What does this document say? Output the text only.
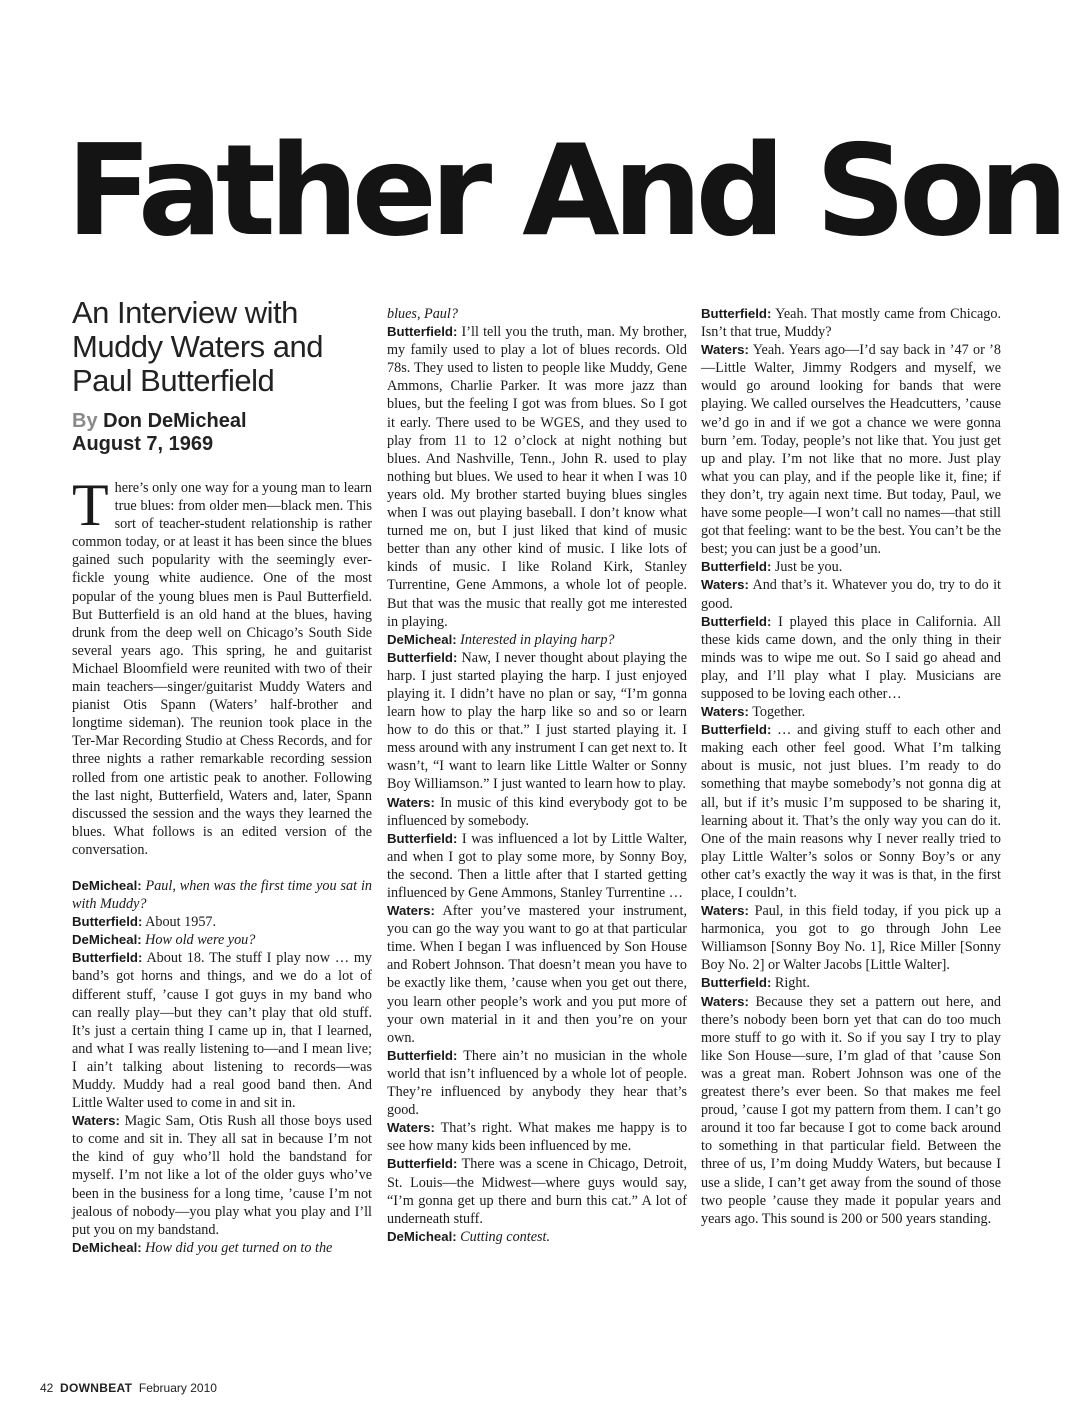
Father And Son
An Interview with Muddy Waters and Paul Butterfield
By Don DeMicheal
August 7, 1969

There’s only one way for a young man to learn true blues: from older men—black men. This sort of teacher-student relationship is rather common today, or at least it has been since the blues gained such popularity with the seemingly ever-fickle young white audience. One of the most popular of the young blues men is Paul Butterfield. But Butterfield is an old hand at the blues, having drunk from the deep well on Chicago’s South Side several years ago. This spring, he and guitarist Michael Bloomfield were reunited with two of their main teachers—singer/guitarist Muddy Waters and pianist Otis Spann (Waters’ half-brother and longtime sideman). The reunion took place in the Ter-Mar Recording Studio at Chess Records, and for three nights a rather remarkable recording session rolled from one artistic peak to another. Following the last night, Butterfield, Waters and, later, Spann discussed the session and the ways they learned the blues. What follows is an edited version of the conversation.

DeMicheal: Paul, when was the first time you sat in with Muddy?

Butterfield: About 1957.

DeMicheal: How old were you?

Butterfield: About 18. The stuff I play now … my band’s got horns and things, and we do a lot of different stuff, ’cause I got guys in my band who can really play—but they can’t play that old stuff. It’s just a certain thing I came up in, that I learned, and what I was really listening to—and I mean live; I ain’t talking about listening to records—was Muddy. Muddy had a real good band then. And Little Walter used to come in and sit in.

Waters: Magic Sam, Otis Rush all those boys used to come and sit in. They all sat in because I’m not the kind of guy who’ll hold the bandstand for myself. I’m not like a lot of the older guys who’ve been in the business for a long time, ’cause I’m not jealous of nobody—you play what you play and I’ll put you on my bandstand.

DeMicheal: How did you get turned on to the

blues, Paul?

Butterfield: I’ll tell you the truth, man. My brother, my family used to play a lot of blues records. Old 78s. They used to listen to people like Muddy, Gene Ammons, Charlie Parker. It was more jazz than blues, but the feeling I got was from blues. So I got it early. There used to be WGES, and they used to play from 11 to 12 o’clock at night nothing but blues. And Nashville, Tenn., John R. used to play nothing but blues. We used to hear it when I was 10 years old. My brother started buying blues singles when I was out playing baseball. I don’t know what turned me on, but I just liked that kind of music better than any other kind of music. I like lots of kinds of music. I like Roland Kirk, Stanley Turrentine, Gene Ammons, a whole lot of people. But that was the music that really got me interested in playing.

DeMicheal: Interested in playing harp?

Butterfield: Naw, I never thought about playing the harp. I just started playing the harp. I just enjoyed playing it. I didn’t have no plan or say, “I’m gonna learn how to play the harp like so and so or learn how to do this or that.” I just started playing it. I mess around with any instrument I can get next to. It wasn’t, “I want to learn like Little Walter or Sonny Boy Williamson.” I just wanted to learn how to play.

Waters: In music of this kind everybody got to be influenced by somebody.

Butterfield: I was influenced a lot by Little Walter, and when I got to play some more, by Sonny Boy, the second. Then a little after that I started getting influenced by Gene Ammons, Stanley Turrentine …

Waters: After you’ve mastered your instrument, you can go the way you want to go at that particular time. When I began I was influenced by Son House and Robert Johnson. That doesn’t mean you have to be exactly like them, ’cause when you get out there, you learn other people’s work and you put more of your own material in it and then you’re on your own.

Butterfield: There ain’t no musician in the whole world that isn’t influenced by a whole lot of people. They’re influenced by anybody they hear that’s good.

Waters: That’s right. What makes me happy is to see how many kids been influenced by me.

Butterfield: There was a scene in Chicago, Detroit, St. Louis—the Midwest—where guys would say, “I’m gonna get up there and burn this cat.” A lot of underneath stuff.

DeMicheal: Cutting contest.

Butterfield: Yeah. That mostly came from Chicago. Isn’t that true, Muddy?

Waters: Yeah. Years ago—I’d say back in ’47 or ’8—Little Walter, Jimmy Rodgers and myself, we would go around looking for bands that were playing. We called ourselves the Headcutters, ’cause we’d go in and if we got a chance we were gonna burn ’em. Today, people’s not like that. You just get up and play. I’m not like that no more. Just play what you can play, and if the people like it, fine; if they don’t, try again next time. But today, Paul, we have some people—I won’t call no names—that still got that feeling: want to be the best. You can’t be the best; you can just be a good’un.

Butterfield: Just be you.

Waters: And that’s it. Whatever you do, try to do it good.

Butterfield: I played this place in California. All these kids came down, and the only thing in their minds was to wipe me out. So I said go ahead and play, and I’ll play what I play. Musicians are supposed to be loving each other…

Waters: Together.

Butterfield: … and giving stuff to each other and making each other feel good. What I’m talking about is music, not just blues. I’m ready to do something that maybe somebody’s not gonna dig at all, but if it’s music I’m supposed to be sharing it, learning about it. That’s the only way you can do it. One of the main reasons why I never really tried to play Little Walter’s solos or Sonny Boy’s or any other cat’s exactly the way it was is that, in the first place, I couldn’t.

Waters: Paul, in this field today, if you pick up a harmonica, you got to go through John Lee Williamson [Sonny Boy No. 1], Rice Miller [Sonny Boy No. 2] or Walter Jacobs [Little Walter].

Butterfield: Right.

Waters: Because they set a pattern out here, and there’s nobody been born yet that can do too much more stuff to go with it. So if you say I try to play like Son House—sure, I’m glad of that ’cause Son was a great man. Robert Johnson was one of the greatest there’s ever been. So that makes me feel proud, ’cause I got my pattern from them. I can’t go around it too far because I got to come back around to something in that particular field. Between the three of us, I’m doing Muddy Waters, but because I use a slide, I can’t get away from the sound of those two people ’cause they made it popular years and years ago. This sound is 200 or 500 years standing.

42 DOWNBEAT February 2010
